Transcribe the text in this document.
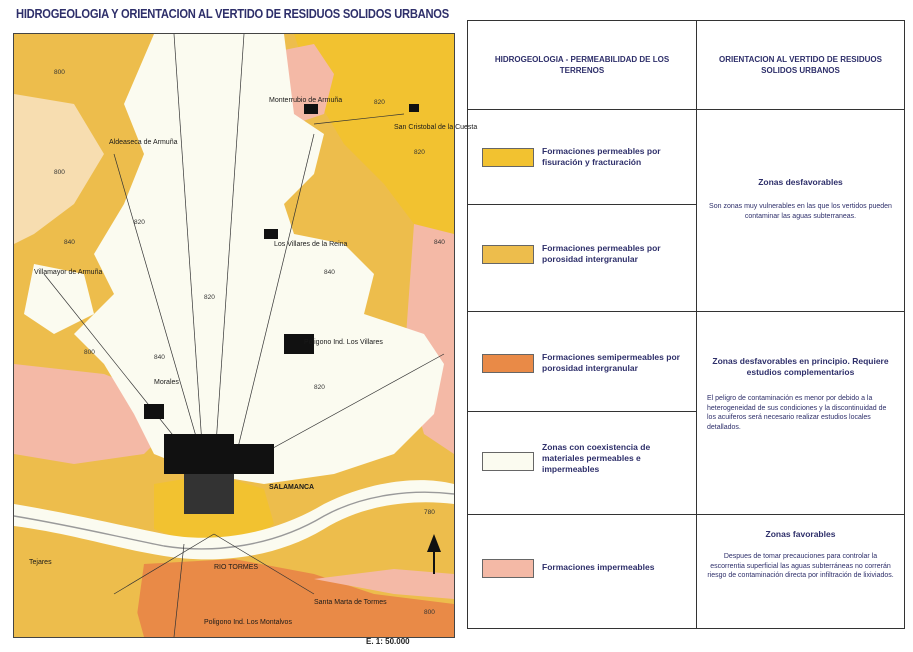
HIDROGEOLOGIA Y ORIENTACION AL VERTIDO DE RESIDUOS SOLIDOS URBANOS
800
820
840
820
840
820
840
820
780
800
840
800
820
800
Monterrubio de Armuña
San Cristobal de la Cuesta
Aldeaseca de Armuña
Los Villares de la Reina
Villamayor de Armuña
Poligono Ind. Los Villares
Morales
SALAMANCA
RIO TORMES
Tejares
Santa Marta de Tormes
Poligono Ind. Los Montalvos
E. 1: 50.000
HIDROGEOLOGIA - PERMEABILIDAD DE LOS TERRENOS
Formaciones permeables por fisuración y fracturación
Formaciones permeables por porosidad intergranular
Formaciones semipermeables por porosidad intergranular
Zonas con coexistencia de materiales permeables e impermeables
Formaciones impermeables
ORIENTACION AL VERTIDO DE RESIDUOS SOLIDOS URBANOS
Zonas desfavorables
Son zonas muy vulnerables en las que los vertidos pueden contaminar las aguas subterraneas.
Zonas desfavorables en principio. Requiere estudios complementarios
El peligro de contaminación es menor por debido a la heterogeneidad de sus condiciones y la discontinuidad de los acuiferos será necesario realizar estudios locales detallados.
Zonas favorables
Despues de tomar precauciones para controlar la escorrentia superficial las aguas subterráneas no correrán riesgo de contaminación directa por infiltración de lixiviados.
